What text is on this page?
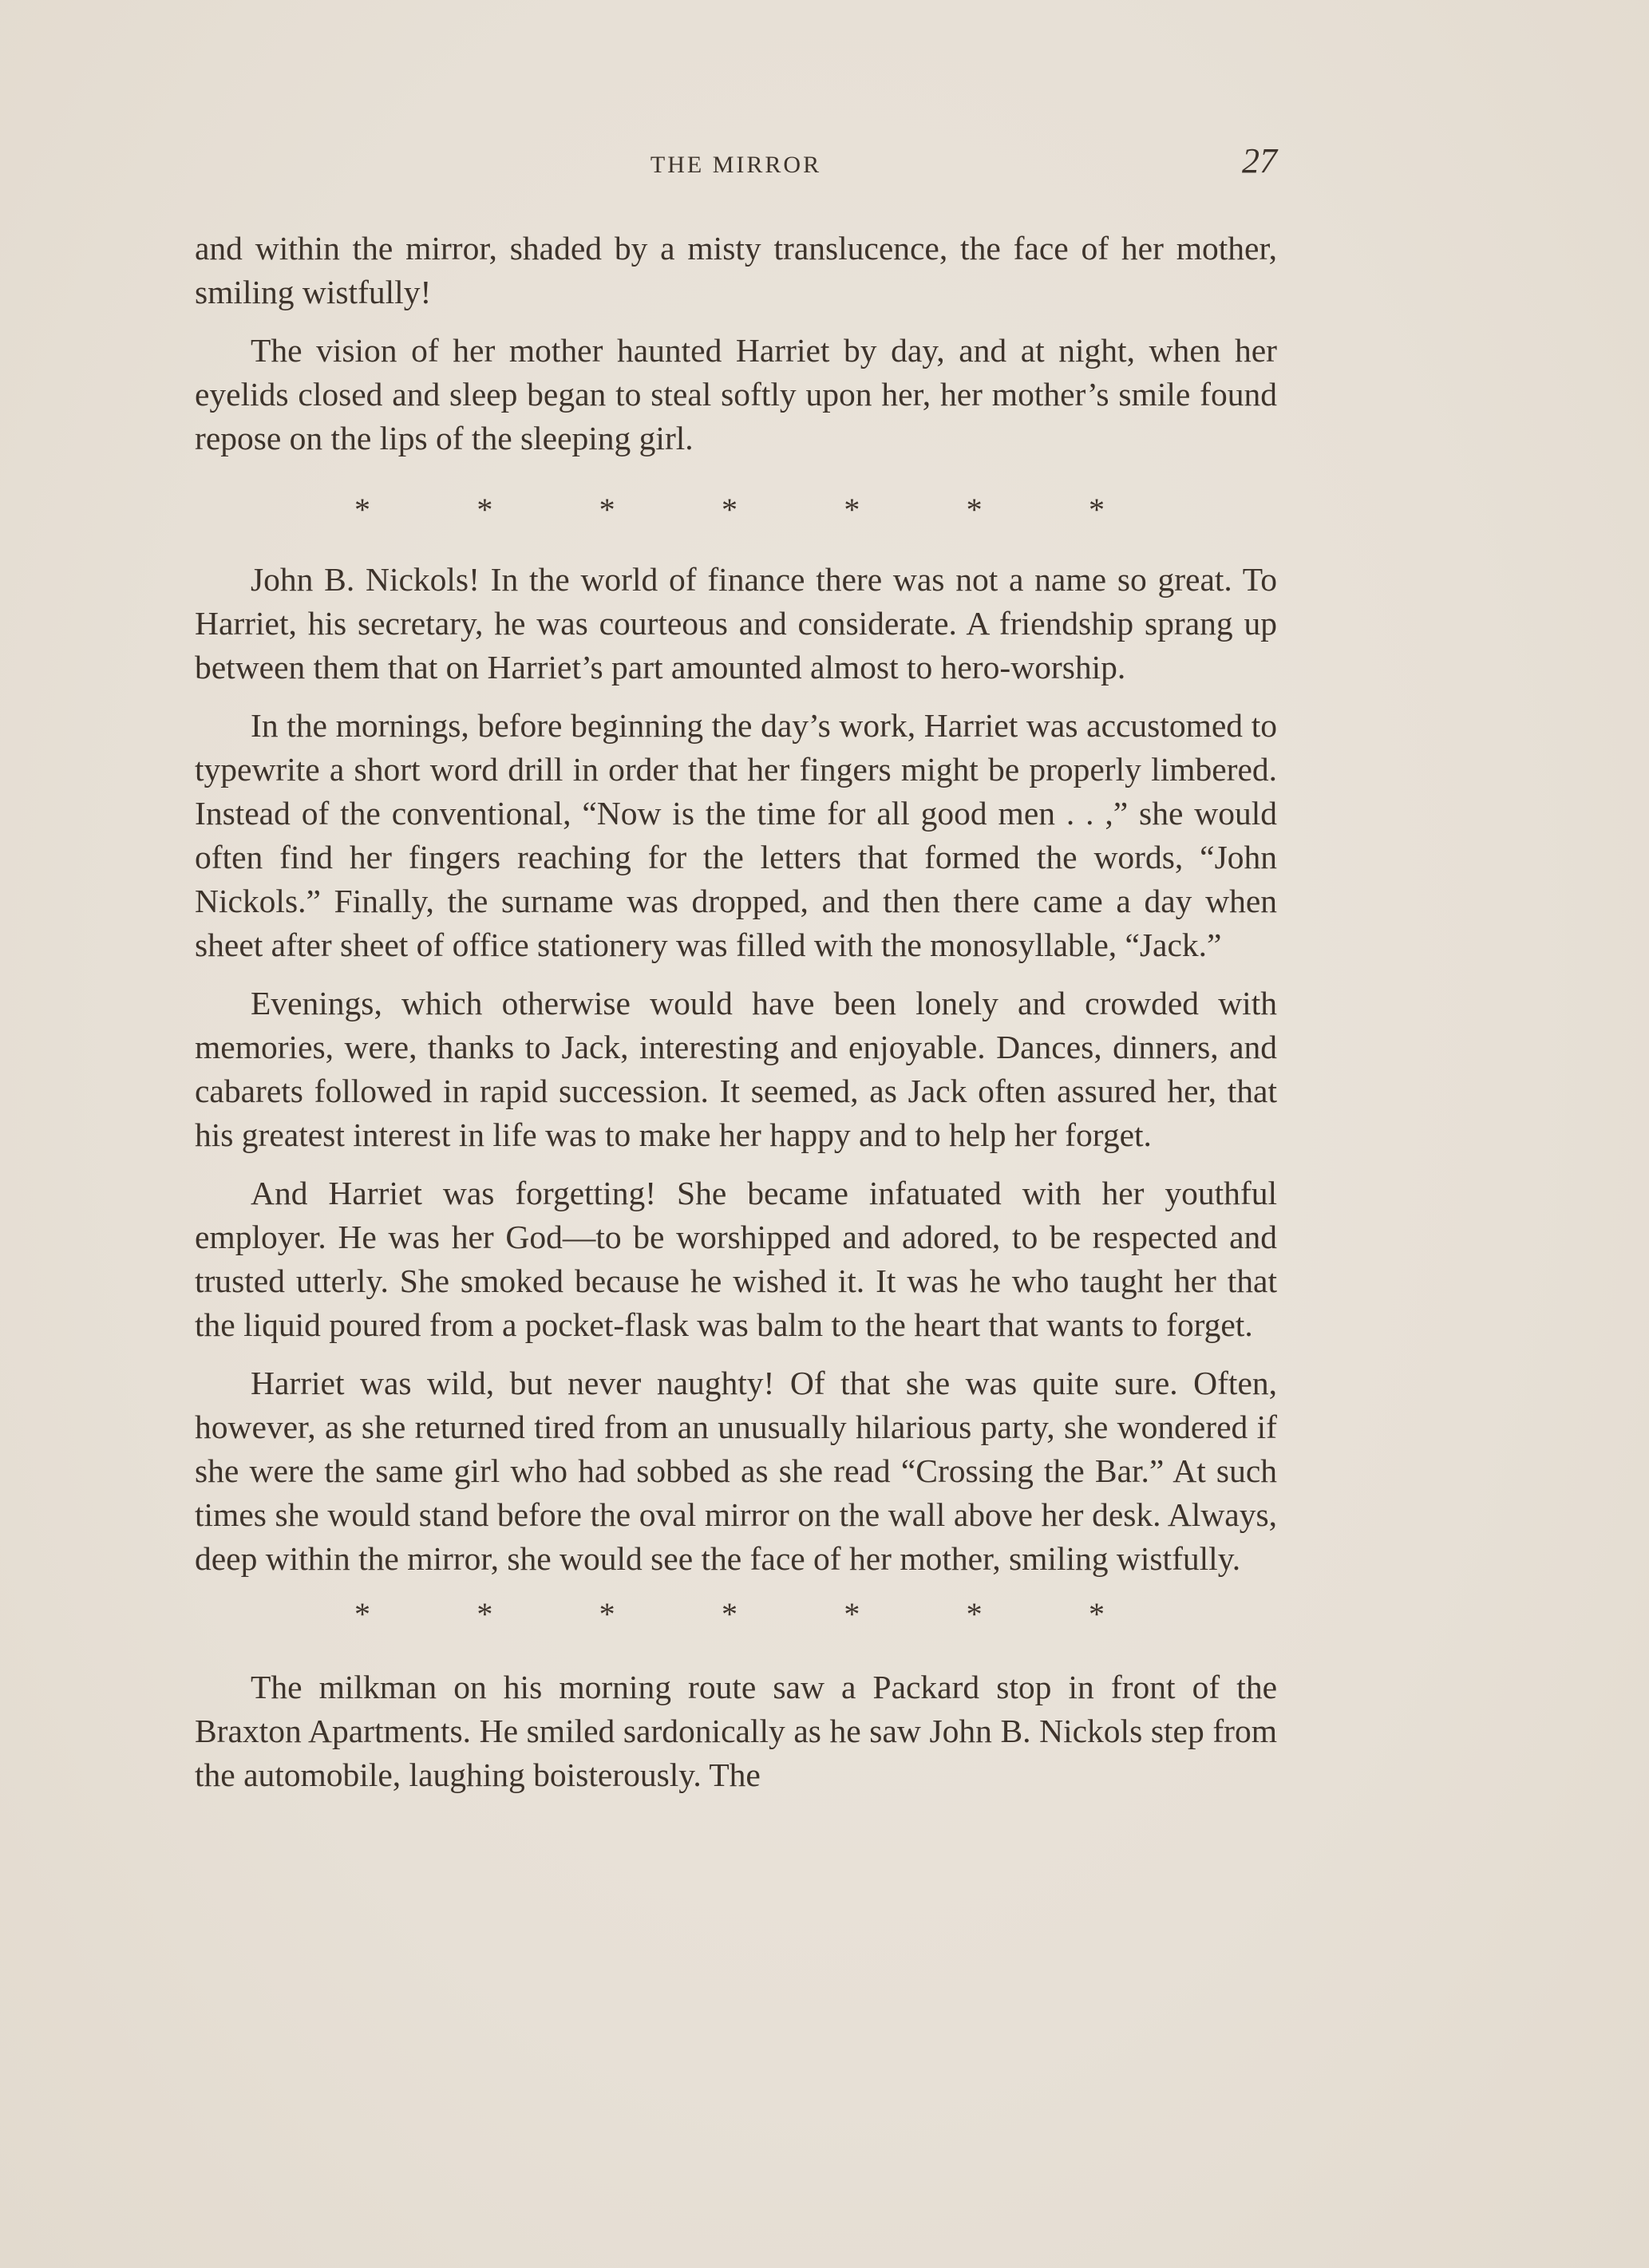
THE MIRROR	27

and within the mirror, shaded by a misty translucence, the face of her mother, smiling wistfully!

The vision of her mother haunted Harriet by day, and at night, when her eyelids closed and sleep began to steal softly upon her, her mother’s smile found repose on the lips of the sleeping girl.

*	*	*	*	*	*	*

John B. Nickols! In the world of finance there was not a name so great. To Harriet, his secretary, he was courteous and considerate. A friendship sprang up between them that on Harriet’s part amounted almost to hero-worship.

In the mornings, before beginning the day’s work, Harriet was accustomed to typewrite a short word drill in order that her fingers might be properly limbered. Instead of the conventional, “Now is the time for all good men . . ,” she would often find her fingers reaching for the letters that formed the words, “John Nickols.” Finally, the surname was dropped, and then there came a day when sheet after sheet of office stationery was filled with the monosyllable, “Jack.”

Evenings, which otherwise would have been lonely and crowded with memories, were, thanks to Jack, interesting and enjoyable. Dances, dinners, and cabarets followed in rapid succession. It seemed, as Jack often assured her, that his greatest interest in life was to make her happy and to help her forget.

And Harriet was forgetting! She became infatuated with her youthful employer. He was her God—to be worshipped and adored, to be respected and trusted utterly. She smoked because he wished it. It was he who taught her that the liquid poured from a pocket-flask was balm to the heart that wants to forget.

Harriet was wild, but never naughty! Of that she was quite sure. Often, however, as she returned tired from an unusually hilarious party, she wondered if she were the same girl who had sobbed as she read “Crossing the Bar.” At such times she would stand before the oval mirror on the wall above her desk. Always, deep within the mirror, she would see the face of her mother, smiling wistfully.

*	*	*	*	*	*	*

The milkman on his morning route saw a Packard stop in front of the Braxton Apartments. He smiled sardonically as he saw John B. Nickols step from the automobile, laughing boisterously. The
